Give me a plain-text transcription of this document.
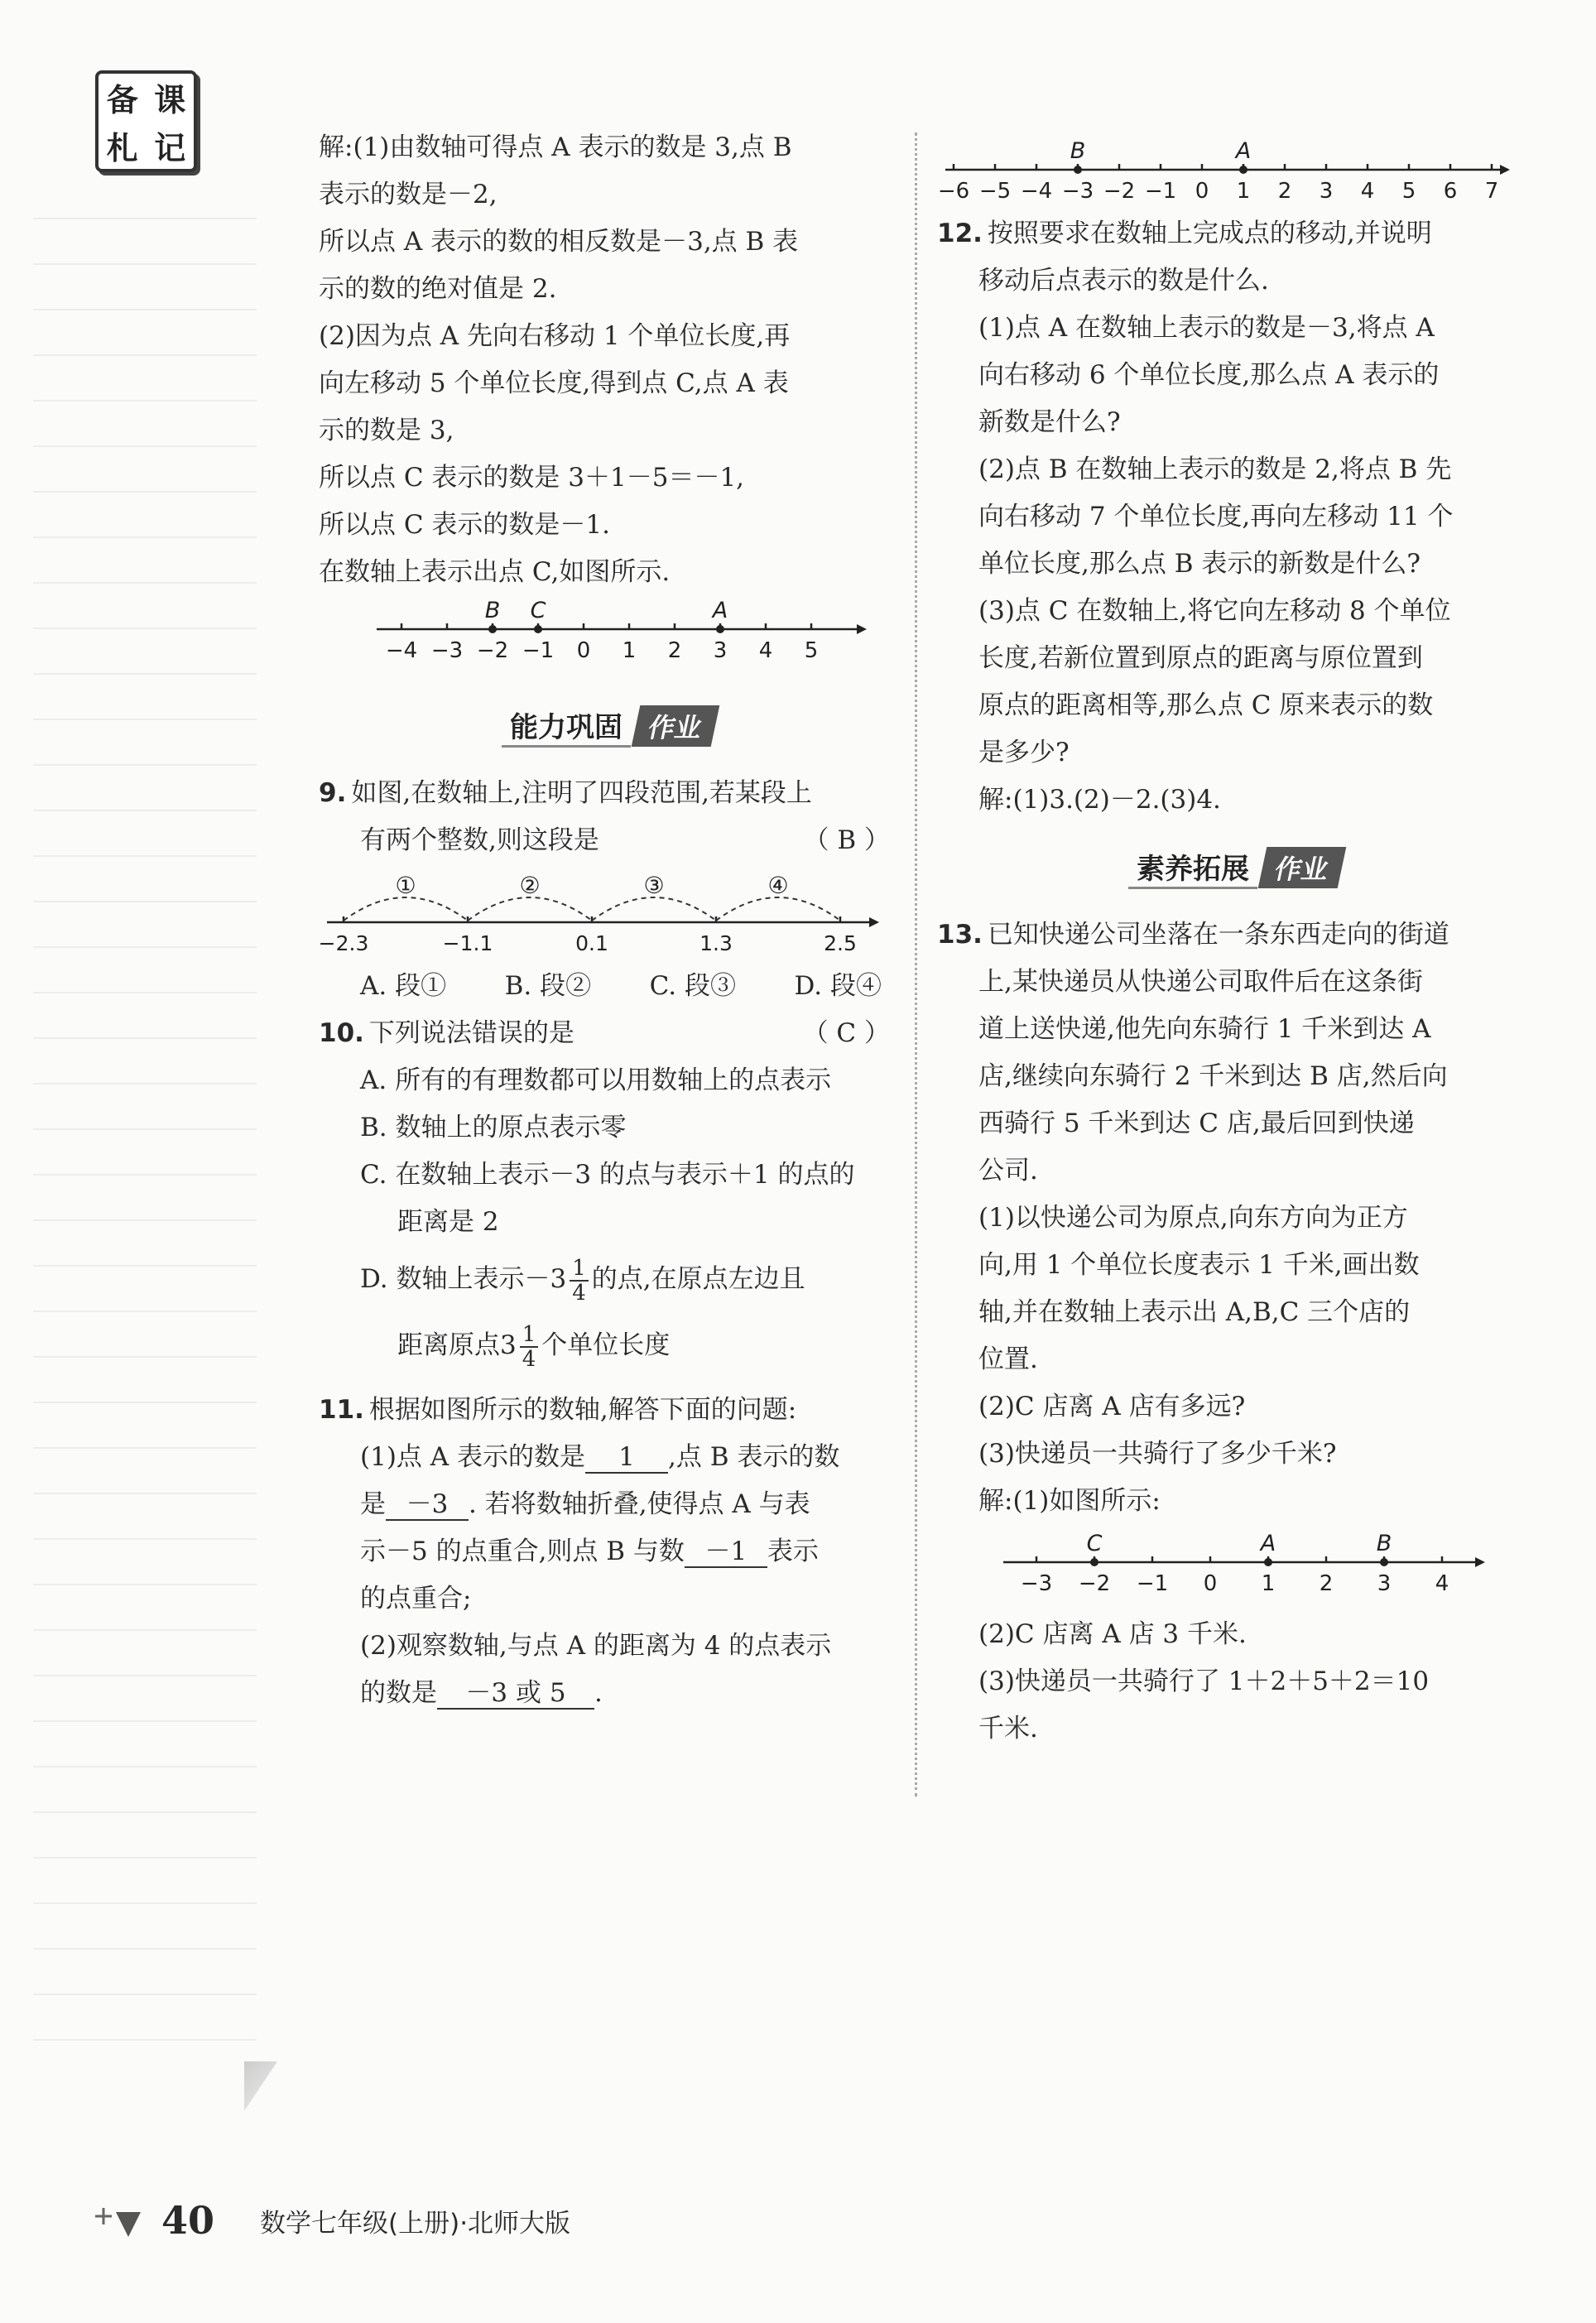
备 课
札 记	解:(1)由数轴可得点 A 表示的数是 3,点 B
表示的数是－2,
所以点 A 表示的数的相反数是－3,点 B 表
示的数的绝对值是 2.
(2)因为点 A 先向右移动 1 个单位长度,再
向左移动 5 个单位长度,得到点 C,点 A 表
示的数是 3,
所以点 C 表示的数是 3＋1－5＝－1,
所以点 C 表示的数是－1.
在数轴上表示出点 C,如图所示.
−4 −3 −2 −1 0 1 2 3 4 5
B C	A
能力巩固 作业
9. 如图,在数轴上,注明了四段范围,若某段上
有两个整数,则这段是	（ B ）
−2.3	−1.1	0.1	1.3	2.5
①	②	③	④
A. 段① B. 段② C. 段③ D. 段④
10. 下列说法错误的是	（ C ）
A. 所有的有理数都可以用数轴上的点表示
B. 数轴上的原点表示零
C. 在数轴上表示－3 的点与表示＋1 的点的
距离是 2
D. 数轴上表示$-3 \frac{1}{4}$ 的点,在原点左边且
距离原点$3 \frac{1}{4}$ 个单位长度
11. 根据如图所示的数轴,解答下面的问题:
(1)点 A 表示的数是 1 ,点 B 表示的数
是 －3 . 若将数轴折叠,使得点 A 与表
示－5 的点重合,则点 B 与数 －1 表示
的点重合;
(2)观察数轴,与点 A 的距离为 4 的点表示
的数是 －3 或 5 .
−6 −5 −4 −3 −2 −1 0 1 2 3 4 5 6 7
B	A
12. 按照要求在数轴上完成点的移动,并说明
移动后点表示的数是什么.
(1)点 A 在数轴上表示的数是－3,将点 A
向右移动 6 个单位长度,那么点 A 表示的
新数是什么?
(2)点 B 在数轴上表示的数是 2,将点 B 先
向右移动 7 个单位长度,再向左移动 11 个
单位长度,那么点 B 表示的新数是什么?
(3)点 C 在数轴上,将它向左移动 8 个单位
长度,若新位置到原点的距离与原位置到
原点的距离相等,那么点 C 原来表示的数
是多少?
解:(1)3.(2)－2.(3)4.
素养拓展 作业
13. 已知快递公司坐落在一条东西走向的街道
上,某快递员从快递公司取件后在这条街
道上送快递,他先向东骑行 1 千米到达 A
店,继续向东骑行 2 千米到达 B 店,然后向
西骑行 5 千米到达 C 店,最后回到快递
公司.
(1)以快递公司为原点,向东方向为正方
向,用 1 个单位长度表示 1 千米,画出数
轴,并在数轴上表示出 A,B,C 三个店的
位置.
(2)C 店离 A 店有多远?
(3)快递员一共骑行了多少千米?
解:(1)如图所示:
−3 −2 −1 0 1 2 3 4
C	A	B
(2)C 店离 A 店 3 千米.
(3)快递员一共骑行了 1＋2＋5＋2＝10
千米.
40 数学七年级(上册)·北师大版
